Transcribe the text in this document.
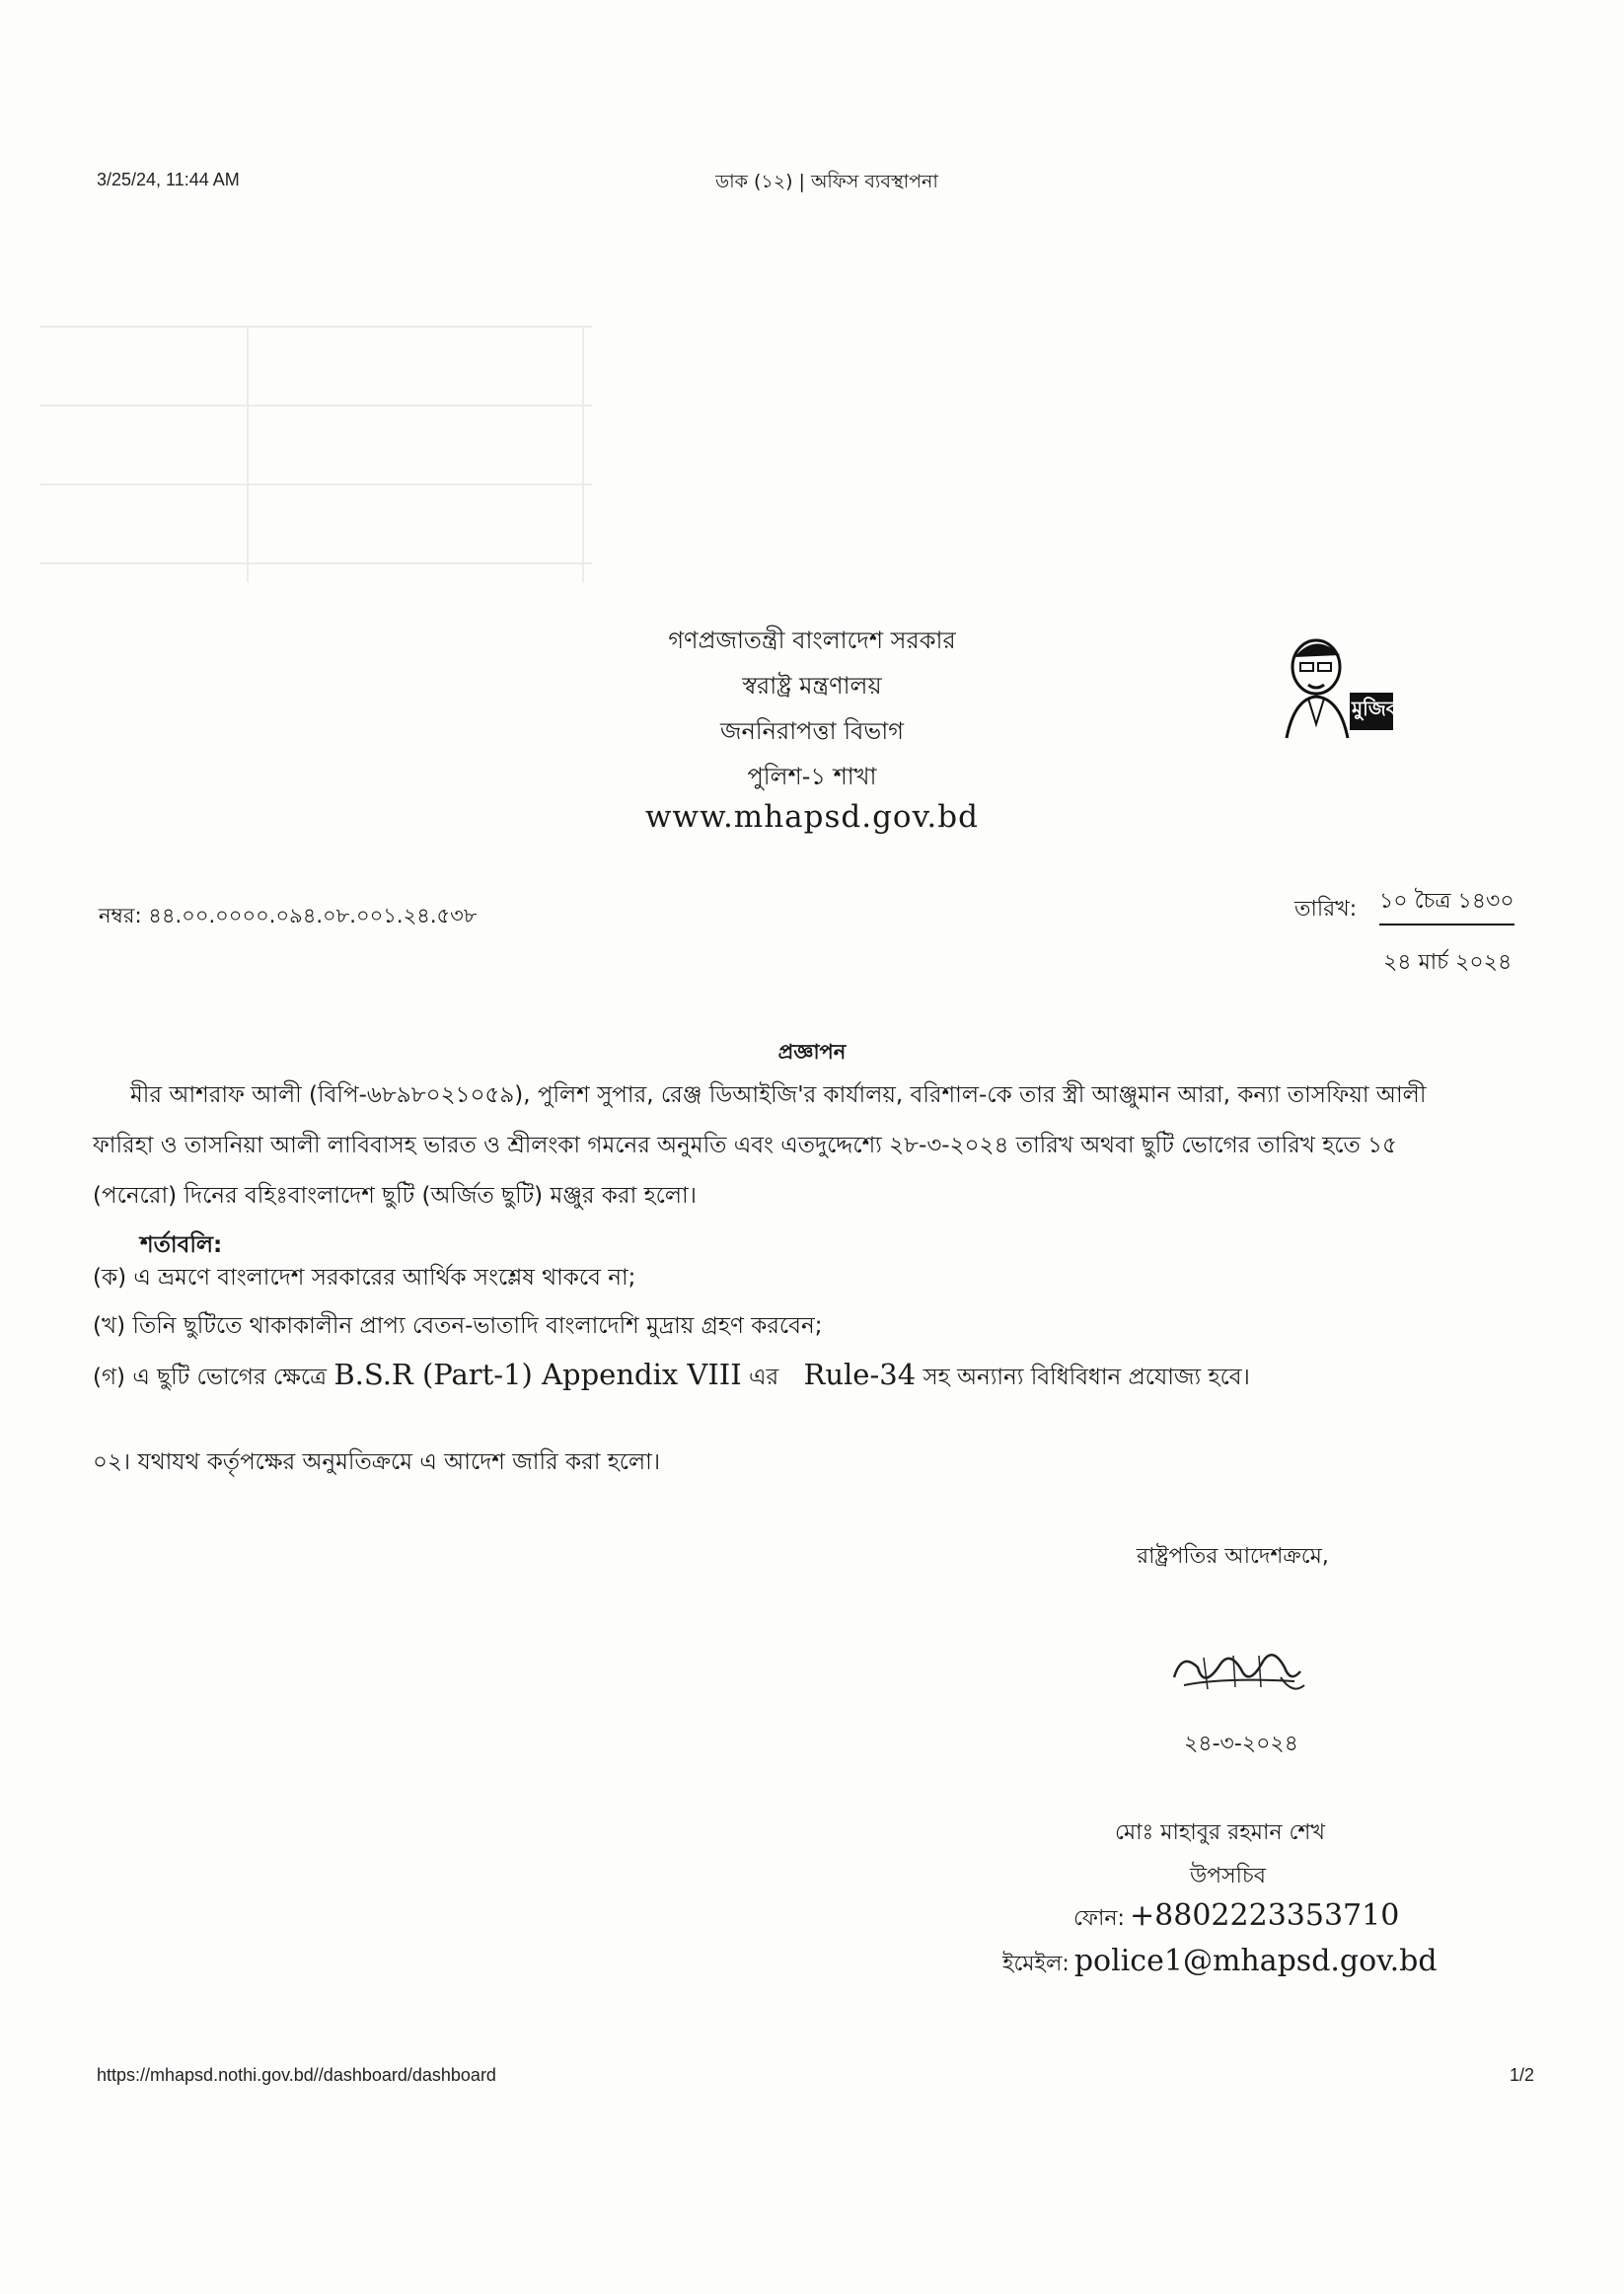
3/25/24, 11:44 AM	ডাক (১২) | অফিস ব্যবস্থাপনা
গণপ্রজাতন্ত্রী বাংলাদেশ সরকার
স্বরাষ্ট্র মন্ত্রণালয়
জননিরাপত্তা বিভাগ
পুলিশ-১ শাখা
www.mhapsd.gov.bd
মুজিব
নম্বর: ৪৪.০০.০০০০.০৯৪.০৮.০০১.২৪.৫৩৮	তারিখ: ১০ চৈত্র ১৪৩০
২৪ মার্চ ২০২৪
প্রজ্ঞাপন
মীর আশরাফ আলী (বিপি-৬৮৯৮০২১০৫৯), পুলিশ সুপার, রেঞ্জ ডিআইজি'র কার্যালয়, বরিশাল-কে তার স্ত্রী আঞ্জুমান আরা, কন্যা তাসফিয়া আলী
ফারিহা ও তাসনিয়া আলী লাবিবাসহ ভারত ও শ্রীলংকা গমনের অনুমতি এবং এতদুদ্দেশ্যে ২৮-৩-২০২৪ তারিখ অথবা ছুটি ভোগের তারিখ হতে ১৫
(পনেরো) দিনের বহিঃবাংলাদেশ ছুটি (অর্জিত ছুটি) মঞ্জুর করা হলো।
শর্তাবলি:
(ক) এ ভ্রমণে বাংলাদেশ সরকারের আর্থিক সংশ্লেষ থাকবে না;
(খ) তিনি ছুটিতে থাকাকালীন প্রাপ্য বেতন-ভাতাদি বাংলাদেশি মুদ্রায় গ্রহণ করবেন;
(গ) এ ছুটি ভোগের ক্ষেত্রে B.S.R (Part-1) Appendix VIII এর Rule-34 সহ অন্যান্য বিধিবিধান প্রযোজ্য হবে।
০২। যথাযথ কর্তৃপক্ষের অনুমতিক্রমে এ আদেশ জারি করা হলো।
রাষ্ট্রপতির আদেশক্রমে,
২৪-৩-২০২৪
মোঃ মাহাবুর রহমান শেখ
উপসচিব
ফোন: +8802223353710
ইমেইল: police1@mhapsd.gov.bd
https://mhapsd.nothi.gov.bd//dashboard/dashboard	1/2
